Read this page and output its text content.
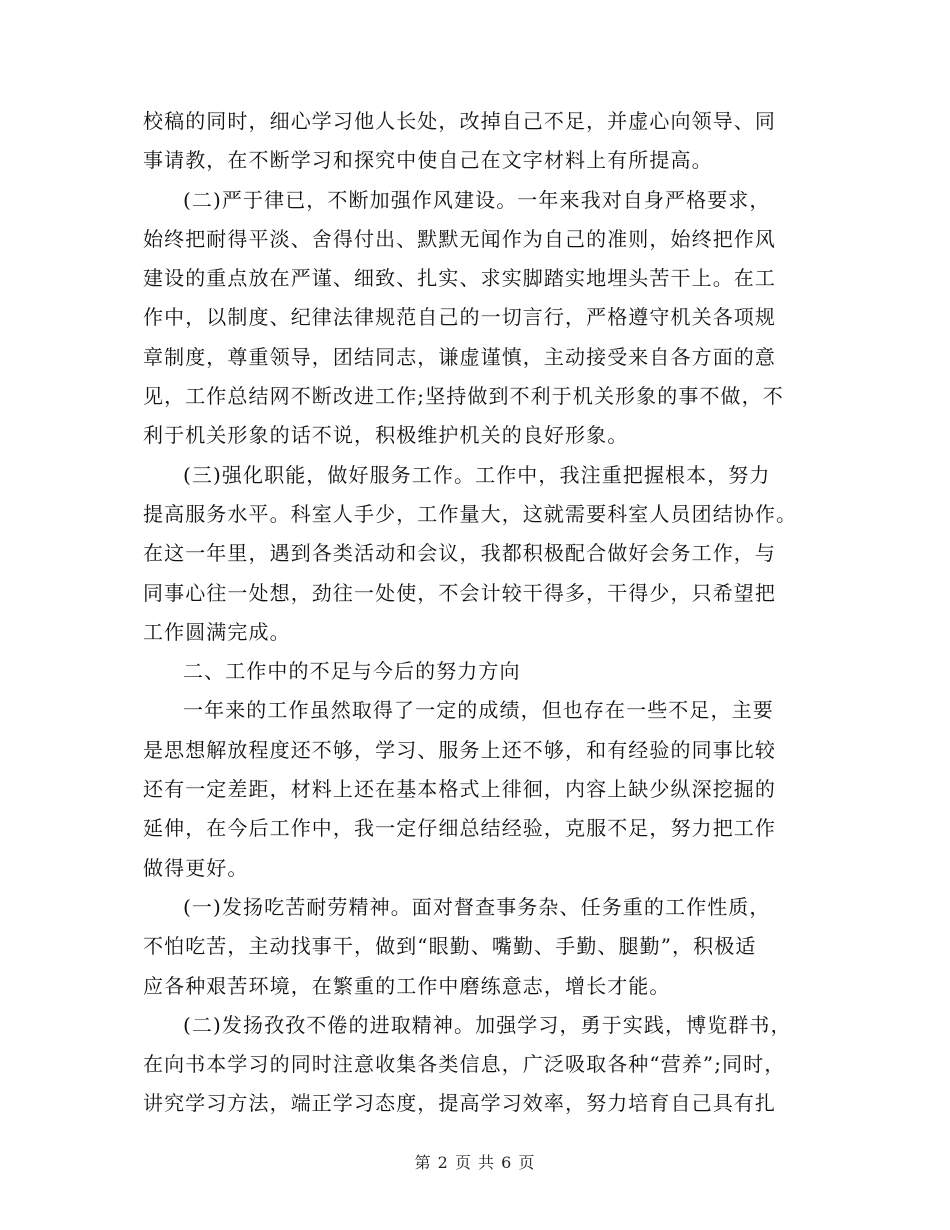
校稿的同时，细心学习他人长处，改掉自己不足，并虚心向领导、同
事请教，在不断学习和探究中使自己在文字材料上有所提高。
(二)严于律已，不断加强作风建设。一年来我对自身严格要求，
始终把耐得平淡、舍得付出、默默无闻作为自己的准则，始终把作风
建设的重点放在严谨、细致、扎实、求实脚踏实地埋头苦干上。在工
作中，以制度、纪律法律规范自己的一切言行，严格遵守机关各项规
章制度，尊重领导，团结同志，谦虚谨慎，主动接受来自各方面的意
见，工作总结网不断改进工作;坚持做到不利于机关形象的事不做，不
利于机关形象的话不说，积极维护机关的良好形象。
(三)强化职能，做好服务工作。工作中，我注重把握根本，努力
提高服务水平。科室人手少，工作量大，这就需要科室人员团结协作。
在这一年里，遇到各类活动和会议，我都积极配合做好会务工作，与
同事心往一处想，劲往一处使，不会计较干得多，干得少，只希望把
工作圆满完成。
二、工作中的不足与今后的努力方向
一年来的工作虽然取得了一定的成绩，但也存在一些不足，主要
是思想解放程度还不够，学习、服务上还不够，和有经验的同事比较
还有一定差距，材料上还在基本格式上徘徊，内容上缺少纵深挖掘的
延伸，在今后工作中，我一定仔细总结经验，克服不足，努力把工作
做得更好。
(一)发扬吃苦耐劳精神。面对督查事务杂、任务重的工作性质，
不怕吃苦，主动找事干，做到“眼勤、嘴勤、手勤、腿勤”，积极适
应各种艰苦环境，在繁重的工作中磨练意志，增长才能。
(二)发扬孜孜不倦的进取精神。加强学习，勇于实践，博览群书，
在向书本学习的同时注意收集各类信息，广泛吸取各种“营养”;同时，
讲究学习方法，端正学习态度，提高学习效率，努力培育自己具有扎
第 2 页 共 6 页
